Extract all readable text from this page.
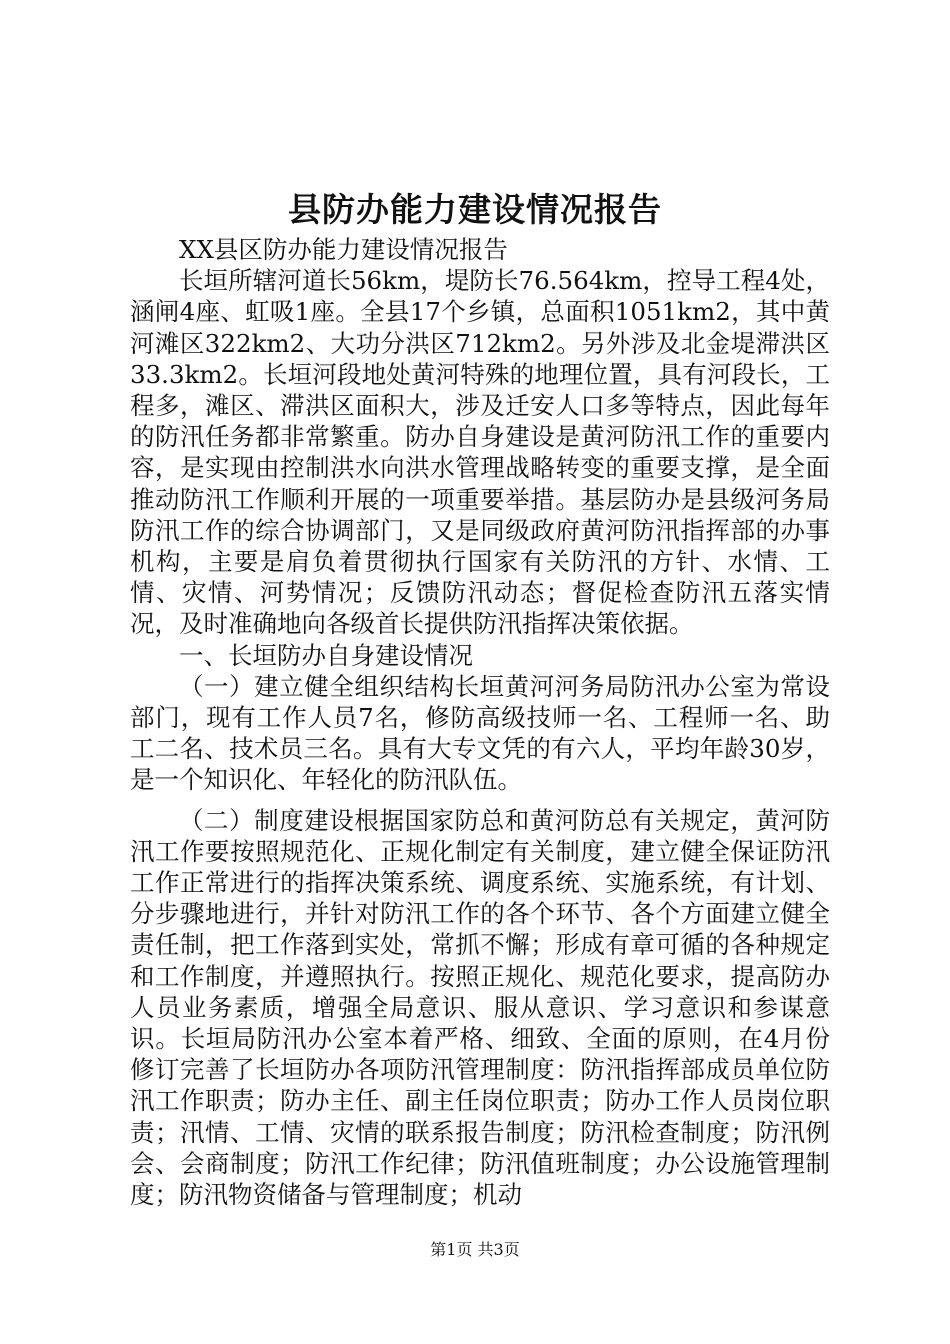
县防办能力建设情况报告

XX县区防办能力建设情况报告

长垣所辖河道长56km，堤防长76.564km，控导工程4处，涵闸4座、虹吸1座。全县17个乡镇，总面积1051km2，其中黄河滩区322km2、大功分洪区712km2。另外涉及北金堤滞洪区33.3km2。长垣河段地处黄河特殊的地理位置，具有河段长，工程多，滩区、滞洪区面积大，涉及迁安人口多等特点，因此每年的防汛任务都非常繁重。防办自身建设是黄河防汛工作的重要内容，是实现由控制洪水向洪水管理战略转变的重要支撑，是全面推动防汛工作顺利开展的一项重要举措。基层防办是县级河务局防汛工作的综合协调部门，又是同级政府黄河防汛指挥部的办事机构，主要是肩负着贯彻执行国家有关防汛的方针、水情、工情、灾情、河势情况；反馈防汛动态；督促检查防汛五落实情况，及时准确地向各级首长提供防汛指挥决策依据。

一、长垣防办自身建设情况

（一）建立健全组织结构长垣黄河河务局防汛办公室为常设部门，现有工作人员7名，修防高级技师一名、工程师一名、助工二名、技术员三名。具有大专文凭的有六人，平均年龄30岁，是一个知识化、年轻化的防汛队伍。

（二）制度建设根据国家防总和黄河防总有关规定，黄河防汛工作要按照规范化、正规化制定有关制度，建立健全保证防汛工作正常进行的指挥决策系统、调度系统、实施系统，有计划、分步骤地进行，并针对防汛工作的各个环节、各个方面建立健全责任制，把工作落到实处，常抓不懈；形成有章可循的各种规定和工作制度，并遵照执行。按照正规化、规范化要求，提高防办人员业务素质，增强全局意识、服从意识、学习意识和参谋意识。长垣局防汛办公室本着严格、细致、全面的原则，在4月份修订完善了长垣防办各项防汛管理制度：防汛指挥部成员单位防汛工作职责；防办主任、副主任岗位职责；防办工作人员岗位职责；汛情、工情、灾情的联系报告制度；防汛检查制度；防汛例会、会商制度；防汛工作纪律；防汛值班制度；办公设施管理制度；防汛物资储备与管理制度；机动

第1页 共3页
